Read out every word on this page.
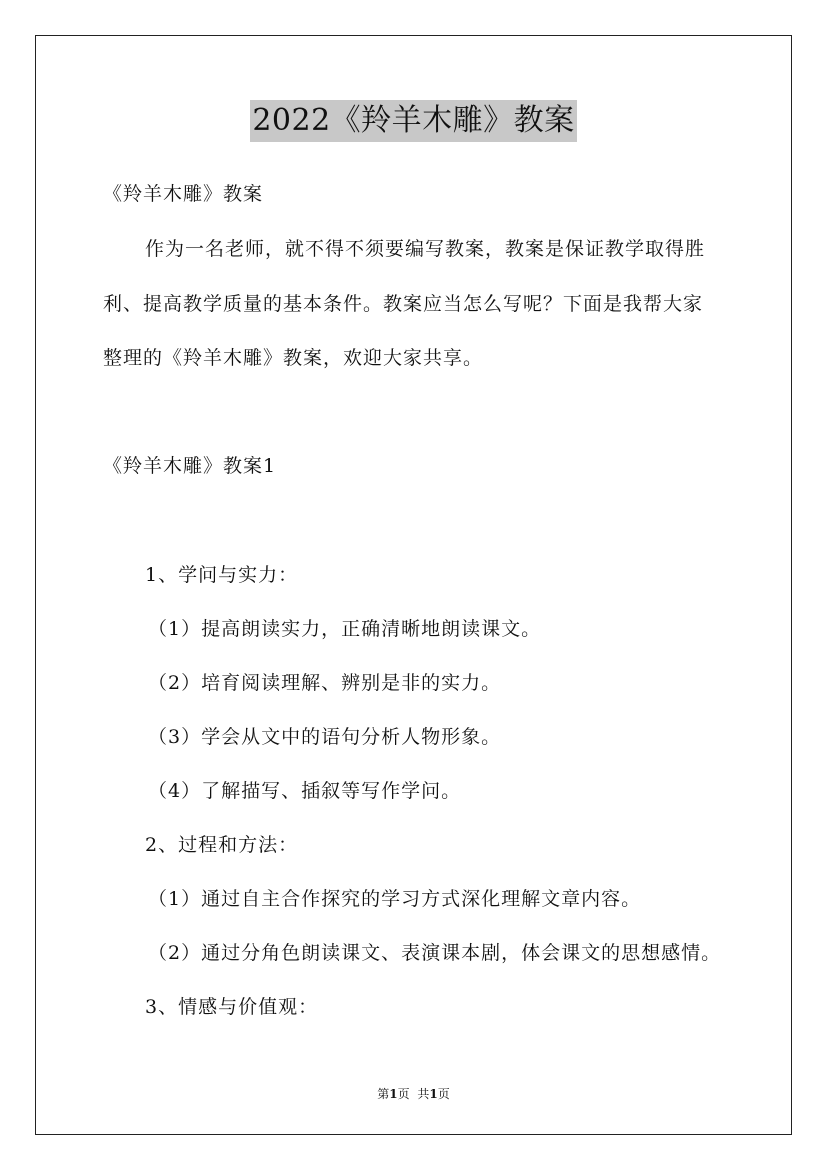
2022《羚羊木雕》教案
《羚羊木雕》教案
作为一名老师，就不得不须要编写教案，教案是保证教学取得胜
利、提高教学质量的基本条件。教案应当怎么写呢？下面是我帮大家
整理的《羚羊木雕》教案，欢迎大家共享。
《羚羊木雕》教案1
1、学问与实力：
（1）提高朗读实力，正确清晰地朗读课文。
（2）培育阅读理解、辨别是非的实力。
（3）学会从文中的语句分析人物形象。
（4）了解描写、插叙等写作学问。
2、过程和方法：
（1）通过自主合作探究的学习方式深化理解文章内容。
（2）通过分角色朗读课文、表演课本剧，体会课文的思想感情。
3、情感与价值观：
第1页 共1页
